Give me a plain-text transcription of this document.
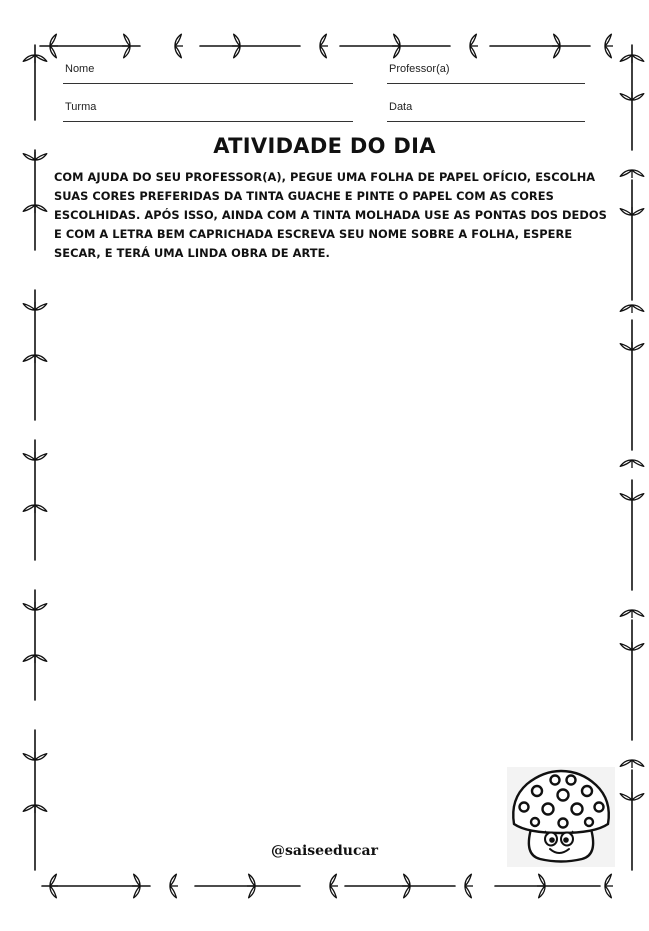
Nome	Professor(a)
Turma	Data
ATIVIDADE DO DIA

COM AJUDA DO SEU PROFESSOR(A), PEGUE UMA FOLHA DE PAPEL OFÍCIO, ESCOLHA SUAS CORES PREFERIDAS DA TINTA GUACHE E PINTE O PAPEL COM AS CORES ESCOLHIDAS. APÓS ISSO, AINDA COM A TINTA MOLHADA USE AS PONTAS DOS DEDOS E COM A LETRA BEM CAPRICHADA ESCREVA SEU NOME SOBRE A FOLHA, ESPERE SECAR, E TERÁ UMA LINDA OBRA DE ARTE.

@saiseeducar
